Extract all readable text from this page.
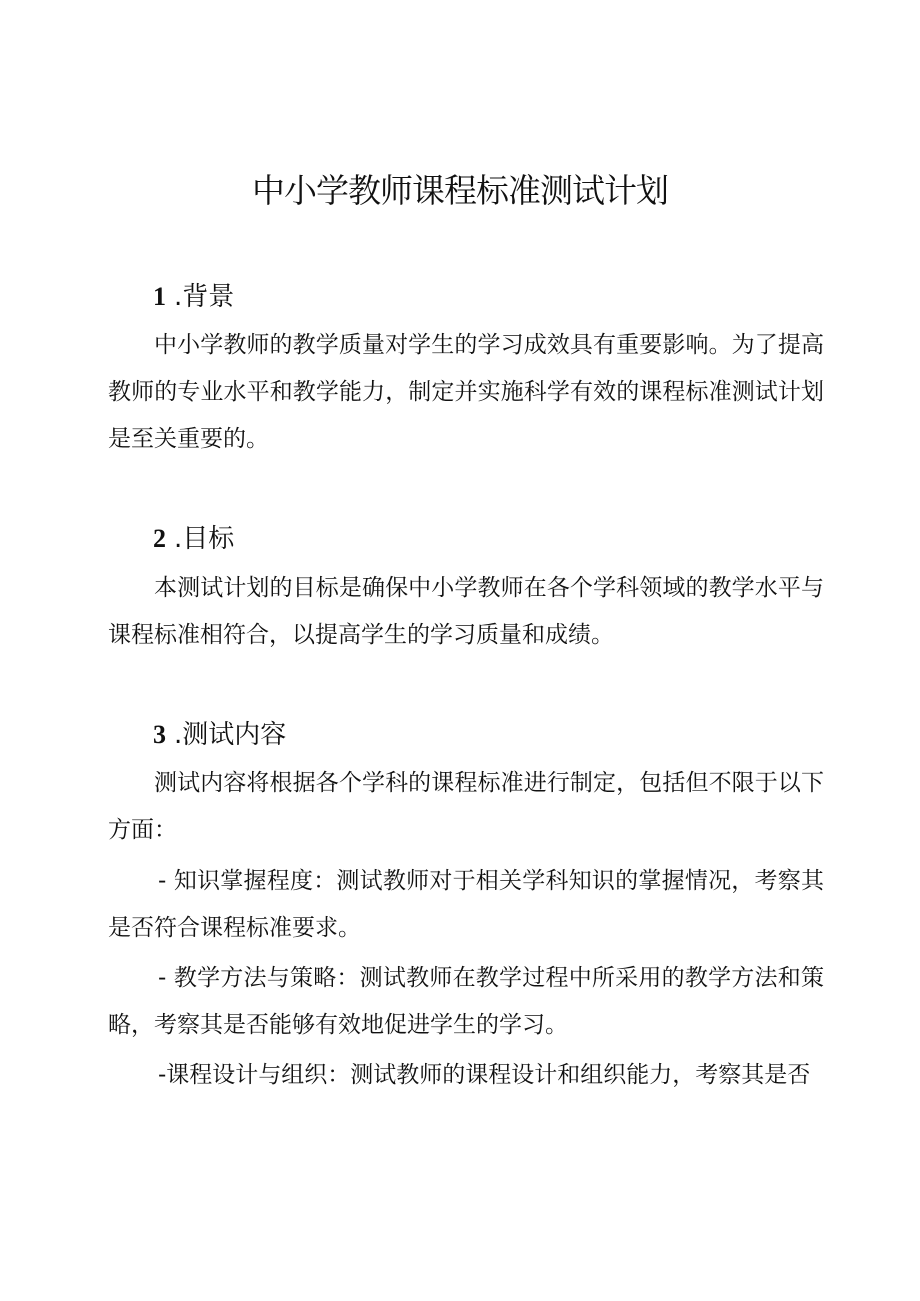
中小学教师课程标准测试计划
1 .背景

中小学教师的教学质量对学生的学习成效具有重要影响。为了提高教师的专业水平和教学能力，制定并实施科学有效的课程标准测试计划是至关重要的。

2 .目标

本测试计划的目标是确保中小学教师在各个学科领域的教学水平与课程标准相符合，以提高学生的学习质量和成绩。

3 .测试内容

测试内容将根据各个学科的课程标准进行制定，包括但不限于以下方面：

- 知识掌握程度：测试教师对于相关学科知识的掌握情况，考察其是否符合课程标准要求。

- 教学方法与策略：测试教师在教学过程中所采用的教学方法和策略，考察其是否能够有效地促进学生的学习。

-课程设计与组织：测试教师的课程设计和组织能力，考察其是否
